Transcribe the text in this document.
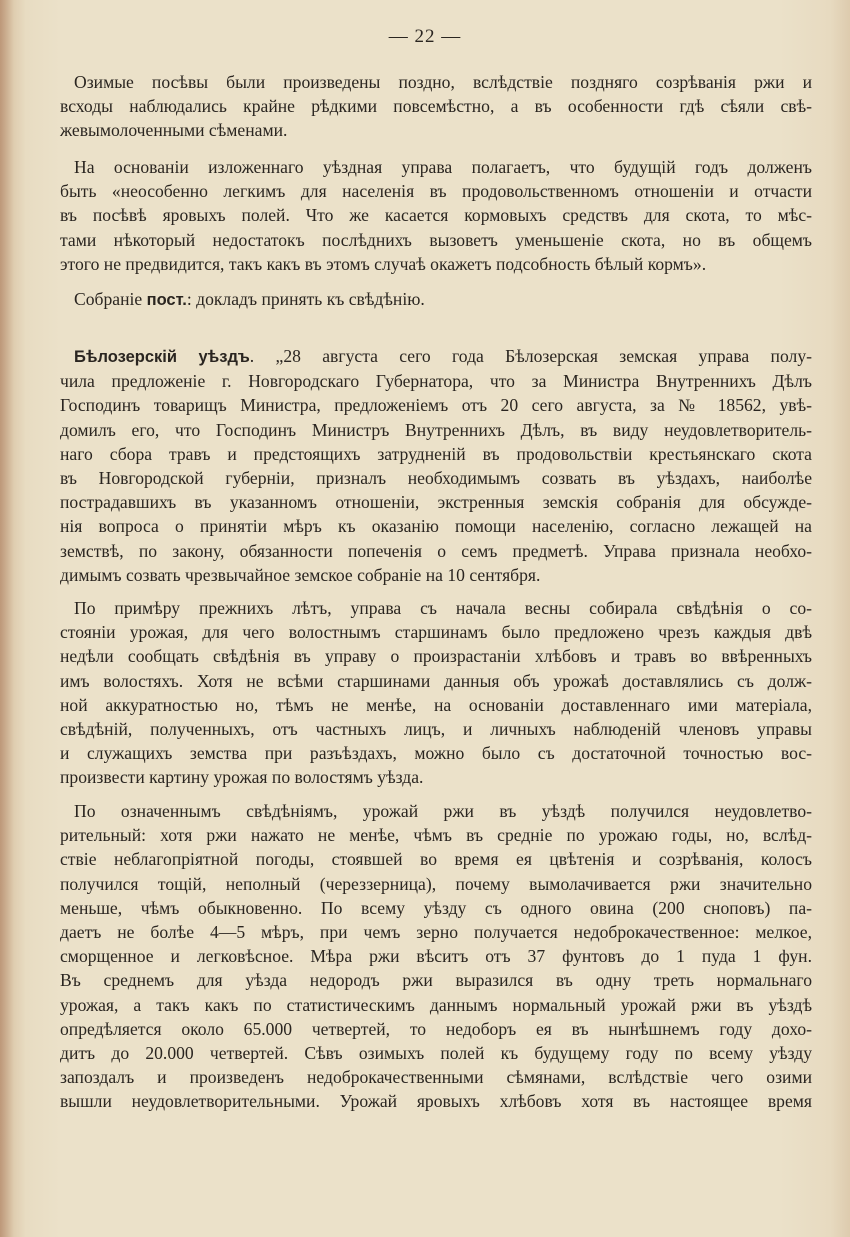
— 22 —
Озимые посѣвы были произведены поздно, вслѣдствіе поздняго созрѣванія ржи и
всходы наблюдались крайне рѣдкими повсемѣстно, а въ особенности гдѣ сѣяли свѣ-
жевымолоченными сѣменами.
На основаніи изложеннаго уѣздная управа полагаетъ, что будущій годъ долженъ
быть «неособенно легкимъ для населенія въ продовольственномъ отношеніи и отчасти
въ посѣвѣ яровыхъ полей. Что же касается кормовыхъ средствъ для скота, то мѣс-
тами нѣкоторый недостатокъ послѣднихъ вызоветъ уменьшеніе скота, но въ общемъ
этого не предвидится, такъ какъ въ этомъ случаѣ окажетъ подсобность бѣлый кормъ».
Собраніе пост.: докладъ принять къ свѣдѣнію.
Бѣлозерскій уѣздъ. „28 августа сего года Бѣлозерская земская управа полу-
чила предложеніе г. Новгородскаго Губернатора, что за Министра Внутреннихъ Дѣлъ
Господинъ товарищъ Министра, предложеніемъ отъ 20 сего августа, за № 18562, увѣ-
домилъ его, что Господинъ Министръ Внутреннихъ Дѣлъ, въ виду неудовлетворитель-
наго сбора травъ и предстоящихъ затрудненій въ продовольствіи крестьянскаго скота
въ Новгородской губерніи, призналъ необходимымъ созвать въ уѣздахъ, наиболѣе
пострадавшихъ въ указанномъ отношеніи, экстренныя земскія собранія для обсужде-
нія вопроса о принятіи мѣръ къ оказанію помощи населенію, согласно лежащей на
земствѣ, по закону, обязанности попеченія о семъ предметѣ. Управа признала необхо-
димымъ созвать чрезвычайное земское собраніе на 10 сентября.
По примѣру прежнихъ лѣтъ, управа съ начала весны собирала свѣдѣнія о со-
стояніи урожая, для чего волостнымъ старшинамъ было предложено чрезъ каждыя двѣ
недѣли сообщать свѣдѣнія въ управу о произрастаніи хлѣбовъ и травъ во ввѣренныхъ
имъ волостяхъ. Хотя не всѣми старшинами данныя объ урожаѣ доставлялись съ долж-
ной аккуратностью но, тѣмъ не менѣе, на основаніи доставленнаго ими матеріала,
свѣдѣній, полученныхъ, отъ частныхъ лицъ, и личныхъ наблюденій членовъ управы
и служащихъ земства при разъѣздахъ, можно было съ достаточной точностью вос-
произвести картину урожая по волостямъ уѣзда.
По означеннымъ свѣдѣніямъ, урожай ржи въ уѣздѣ получился неудовлетво-
рительный: хотя ржи нажато не менѣе, чѣмъ въ средніе по урожаю годы, но, вслѣд-
ствіе неблагопріятной погоды, стоявшей во время ея цвѣтенія и созрѣванія, колосъ
получился тощій, неполный (череззерница), почему вымолачивается ржи значительно
меньше, чѣмъ обыкновенно. По всему уѣзду съ одного овина (200 сноповъ) па-
даетъ не болѣе 4—5 мѣръ, при чемъ зерно получается недоброкачественное: мелкое,
сморщенное и легковѣсное. Мѣра ржи вѣситъ отъ 37 фунтовъ до 1 пуда 1 фун.
Въ среднемъ для уѣзда недородъ ржи выразился въ одну треть нормальнаго
урожая, а такъ какъ по статистическимъ даннымъ нормальный урожай ржи въ уѣздѣ
опредѣляется около 65.000 четвертей, то недоборъ ея въ нынѣшнемъ году дохо-
дитъ до 20.000 четвертей. Сѣвъ озимыхъ полей къ будущему году по всему уѣзду
запоздалъ и произведенъ недоброкачественными сѣмянами, вслѣдствіе чего озими
вышли неудовлетворительными. Урожай яровыхъ хлѣбовъ хотя въ настоящее время
